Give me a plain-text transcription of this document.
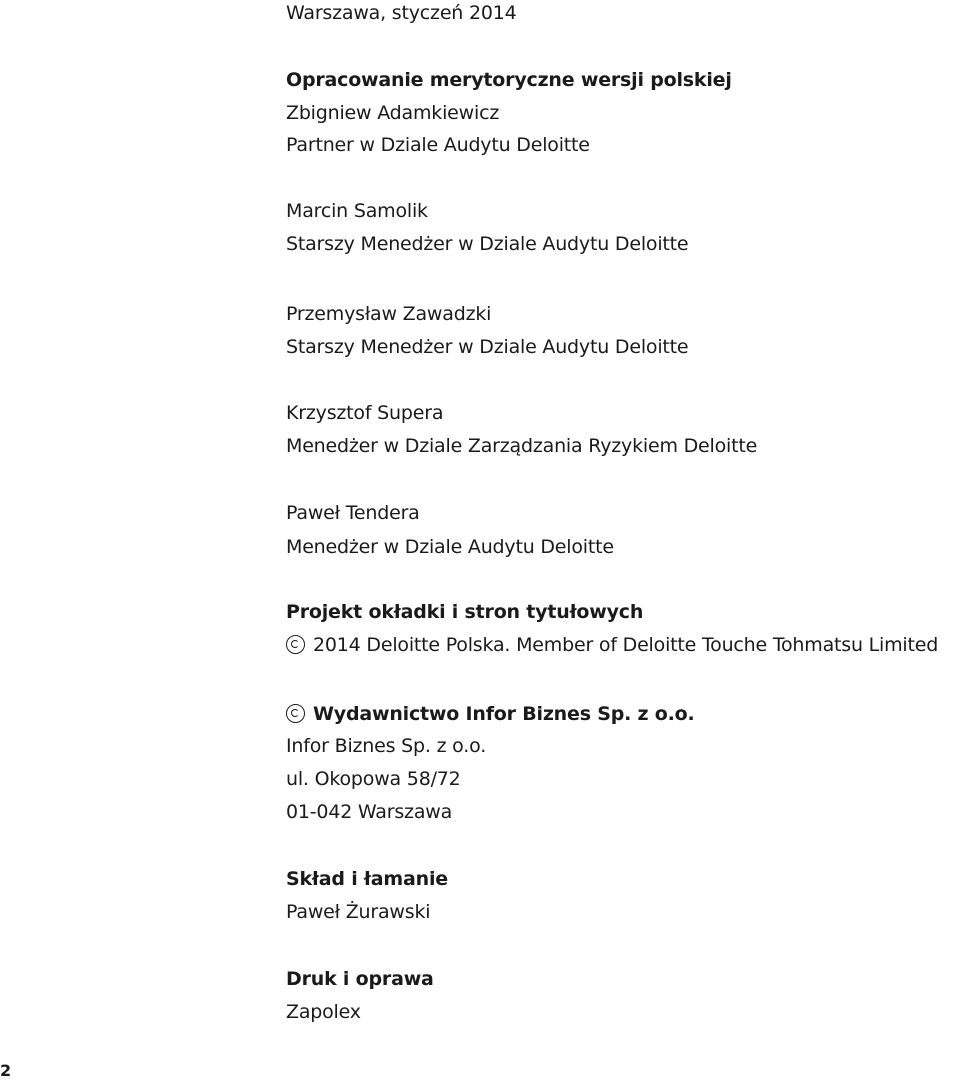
Warszawa, styczeń 2014
Opracowanie merytoryczne wersji polskiej
Zbigniew Adamkiewicz
Partner w Dziale Audytu Deloitte
Marcin Samolik
Starszy Menedżer w Dziale Audytu Deloitte
Przemysław Zawadzki
Starszy Menedżer w Dziale Audytu Deloitte
Krzysztof Supera
Menedżer w Dziale Zarządzania Ryzykiem Deloitte
Paweł Tendera
Menedżer w Dziale Audytu Deloitte
Projekt okładki i stron tytułowych
2014 Deloitte Polska. Member of Deloitte Touche Tohmatsu Limited
Wydawnictwo Infor Biznes Sp. z o.o.
Infor Biznes Sp. z o.o.
ul. Okopowa 58/72
01-042 Warszawa
Skład i łamanie
Paweł Żurawski
Druk i oprawa
Zapolex
2
